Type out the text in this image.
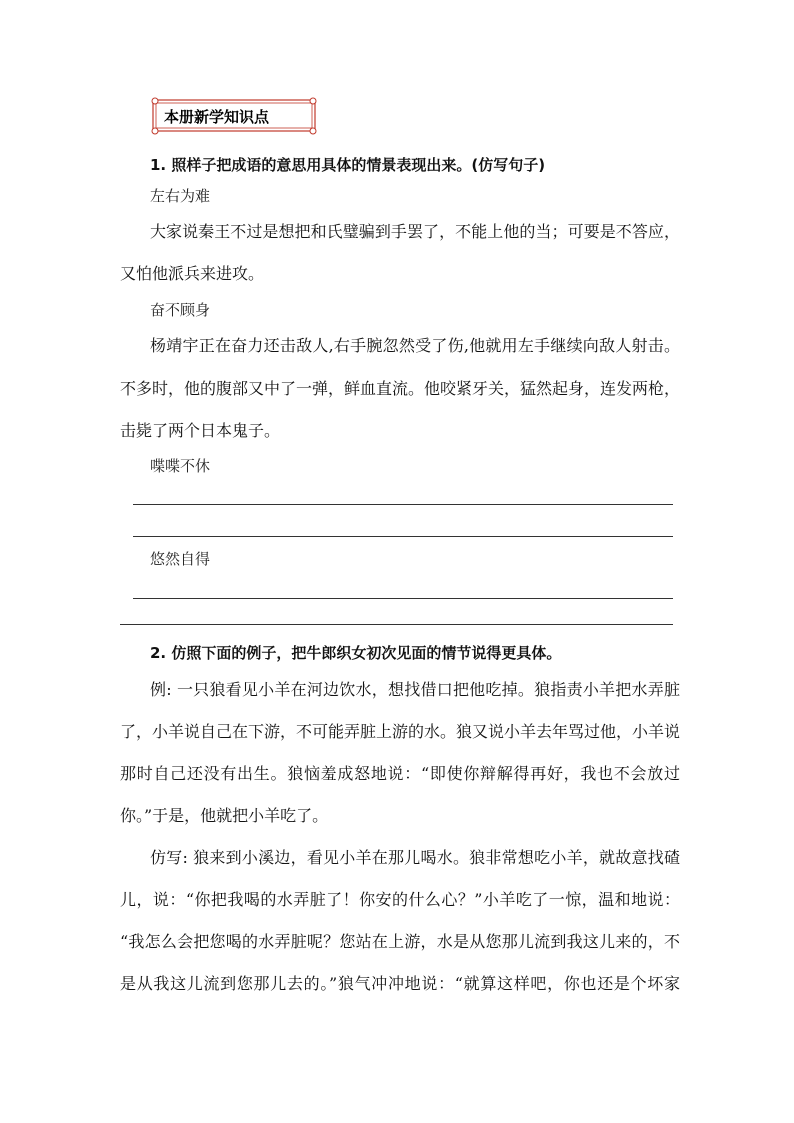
本册新学知识点
1. 照样子把成语的意思用具体的情景表现出来。(仿写句子)
左右为难
大家说秦王不过是想把和氏璧骗到手罢了，不能上他的当；可要是不答应，
又怕他派兵来进攻。
奋不顾身
杨靖宇正在奋力还击敌人,右手腕忽然受了伤,他就用左手继续向敌人射击。
不多时，他的腹部又中了一弹，鲜血直流。他咬紧牙关，猛然起身，连发两枪，
击毙了两个日本鬼子。
喋喋不休
悠然自得
2. 仿照下面的例子，把牛郎织女初次见面的情节说得更具体。
例: 一只狼看见小羊在河边饮水，想找借口把他吃掉。狼指责小羊把水弄脏
了，小羊说自己在下游，不可能弄脏上游的水。狼又说小羊去年骂过他，小羊说
那时自己还没有出生。狼恼羞成怒地说：“即使你辩解得再好，我也不会放过
你。”于是，他就把小羊吃了。
仿写: 狼来到小溪边，看见小羊在那儿喝水。狼非常想吃小羊，就故意找碴
儿，说：“你把我喝的水弄脏了！你安的什么心？”小羊吃了一惊，温和地说：
“我怎么会把您喝的水弄脏呢？您站在上游，水是从您那儿流到我这儿来的，不
是从我这儿流到您那儿去的。”狼气冲冲地说：“就算这样吧，你也还是个坏家
